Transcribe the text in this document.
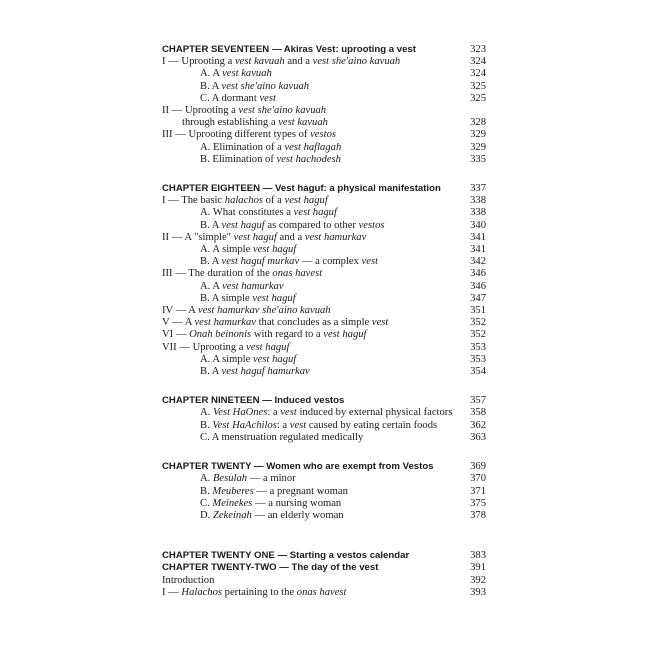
CHAPTER SEVENTEEN — Akiras Vest: uprooting a vest	323
I — Uprooting a vest kavuah and a vest she'aino kavuah	324
A. A vest kavuah	324
B. A vest she'aino kavuah	325
C. A dormant vest	325
II — Uprooting a vest she'aino kavuah
through establishing a vest kavuah	328
III — Uprooting different types of vestos	329
A. Elimination of a vest haflagah	329
B. Elimination of vest hachodesh	335
CHAPTER EIGHTEEN — Vest haguf: a physical manifestation	337
I — The basic halachos of a vest haguf	338
A. What constitutes a vest haguf	338
B. A vest haguf as compared to other vestos	340
II — A "simple" vest haguf and a vest hamurkav	341
A. A simple vest haguf	341
B. A vest haguf murkav — a complex vest	342
III — The duration of the onas havest	346
A. A vest hamurkav	346
B. A simple vest haguf	347
IV — A vest hamurkav she'aino kavuah	351
V — A vest hamurkav that concludes as a simple vest	352
VI — Onah beinonis with regard to a vest haguf	352
VII — Uprooting a vest haguf	353
A. A simple vest haguf	353
B. A vest haguf hamurkav	354
CHAPTER NINETEEN — Induced vestos	357
A. Vest HaOnes: a vest induced by external physical factors	358
B. Vest HaAchilos: a vest caused by eating certain foods	362
C. A menstruation regulated medically	363
CHAPTER TWENTY — Women who are exempt from Vestos	369
A. Besulah — a minor	370
B. Meuberes — a pregnant woman	371
C. Meinekes — a nursing woman	375
D. Zekeinah — an elderly woman	378
CHAPTER TWENTY ONE — Starting a vestos calendar	383
CHAPTER TWENTY-TWO — The day of the vest	391
Introduction	392
I — Halachos pertaining to the onas havest	393
